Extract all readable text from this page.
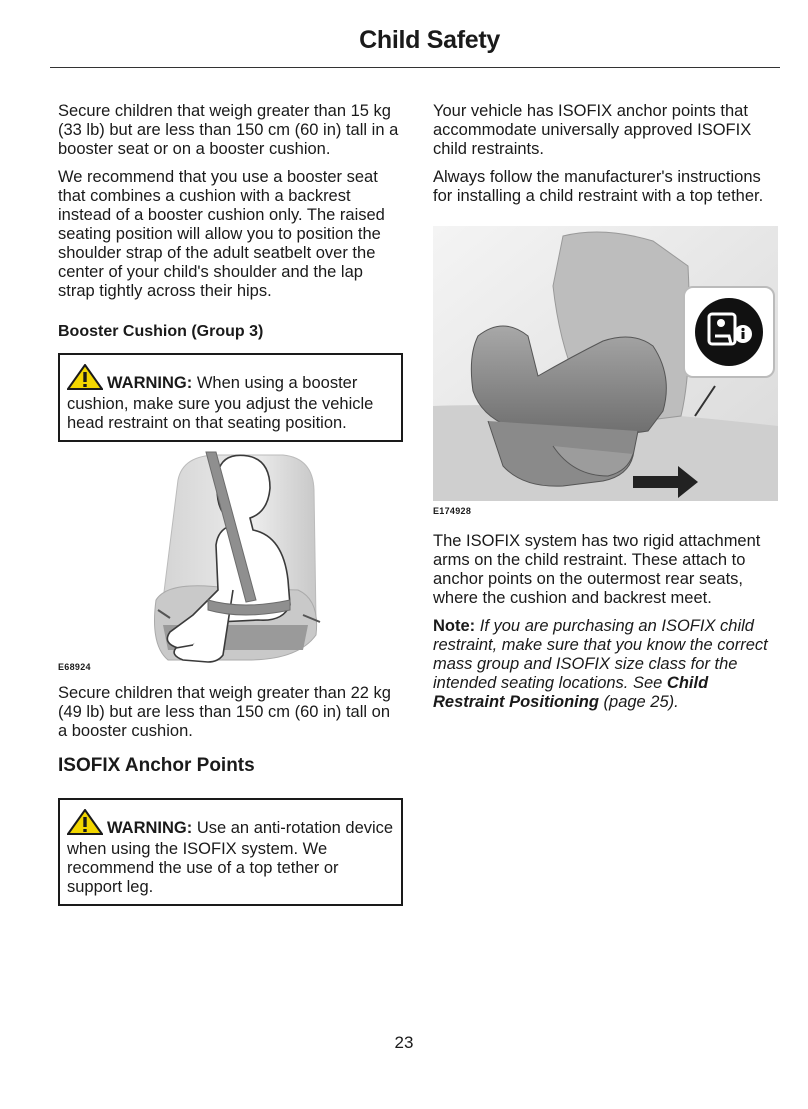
Child Safety

Secure children that weigh greater than 15 kg (33 lb) but are less than 150 cm (60 in) tall in a booster seat or on a booster cushion.

We recommend that you use a booster seat that combines a cushion with a backrest instead of a booster cushion only. The raised seating position will allow you to position the shoulder strap of the adult seatbelt over the center of your child's shoulder and the lap strap tightly across their hips.

Booster Cushion (Group 3)
WARNING: When using a booster cushion, make sure you adjust the vehicle head restraint on that seating position.
E68924

Secure children that weigh greater than 22 kg (49 lb) but are less than 150 cm (60 in) tall on a booster cushion.

ISOFIX Anchor Points
WARNING: Use an anti-rotation device when using the ISOFIX system. We recommend the use of a top tether or support leg.

Your vehicle has ISOFIX anchor points that accommodate universally approved ISOFIX child restraints.

Always follow the manufacturer's instructions for installing a child restraint with a top tether.

E174928

The ISOFIX system has two rigid attachment arms on the child restraint. These attach to anchor points on the outermost rear seats, where the cushion and backrest meet.

Note: If you are purchasing an ISOFIX child restraint, make sure that you know the correct mass group and ISOFIX size class for the intended seating locations. See Child Restraint Positioning (page 25).

23
